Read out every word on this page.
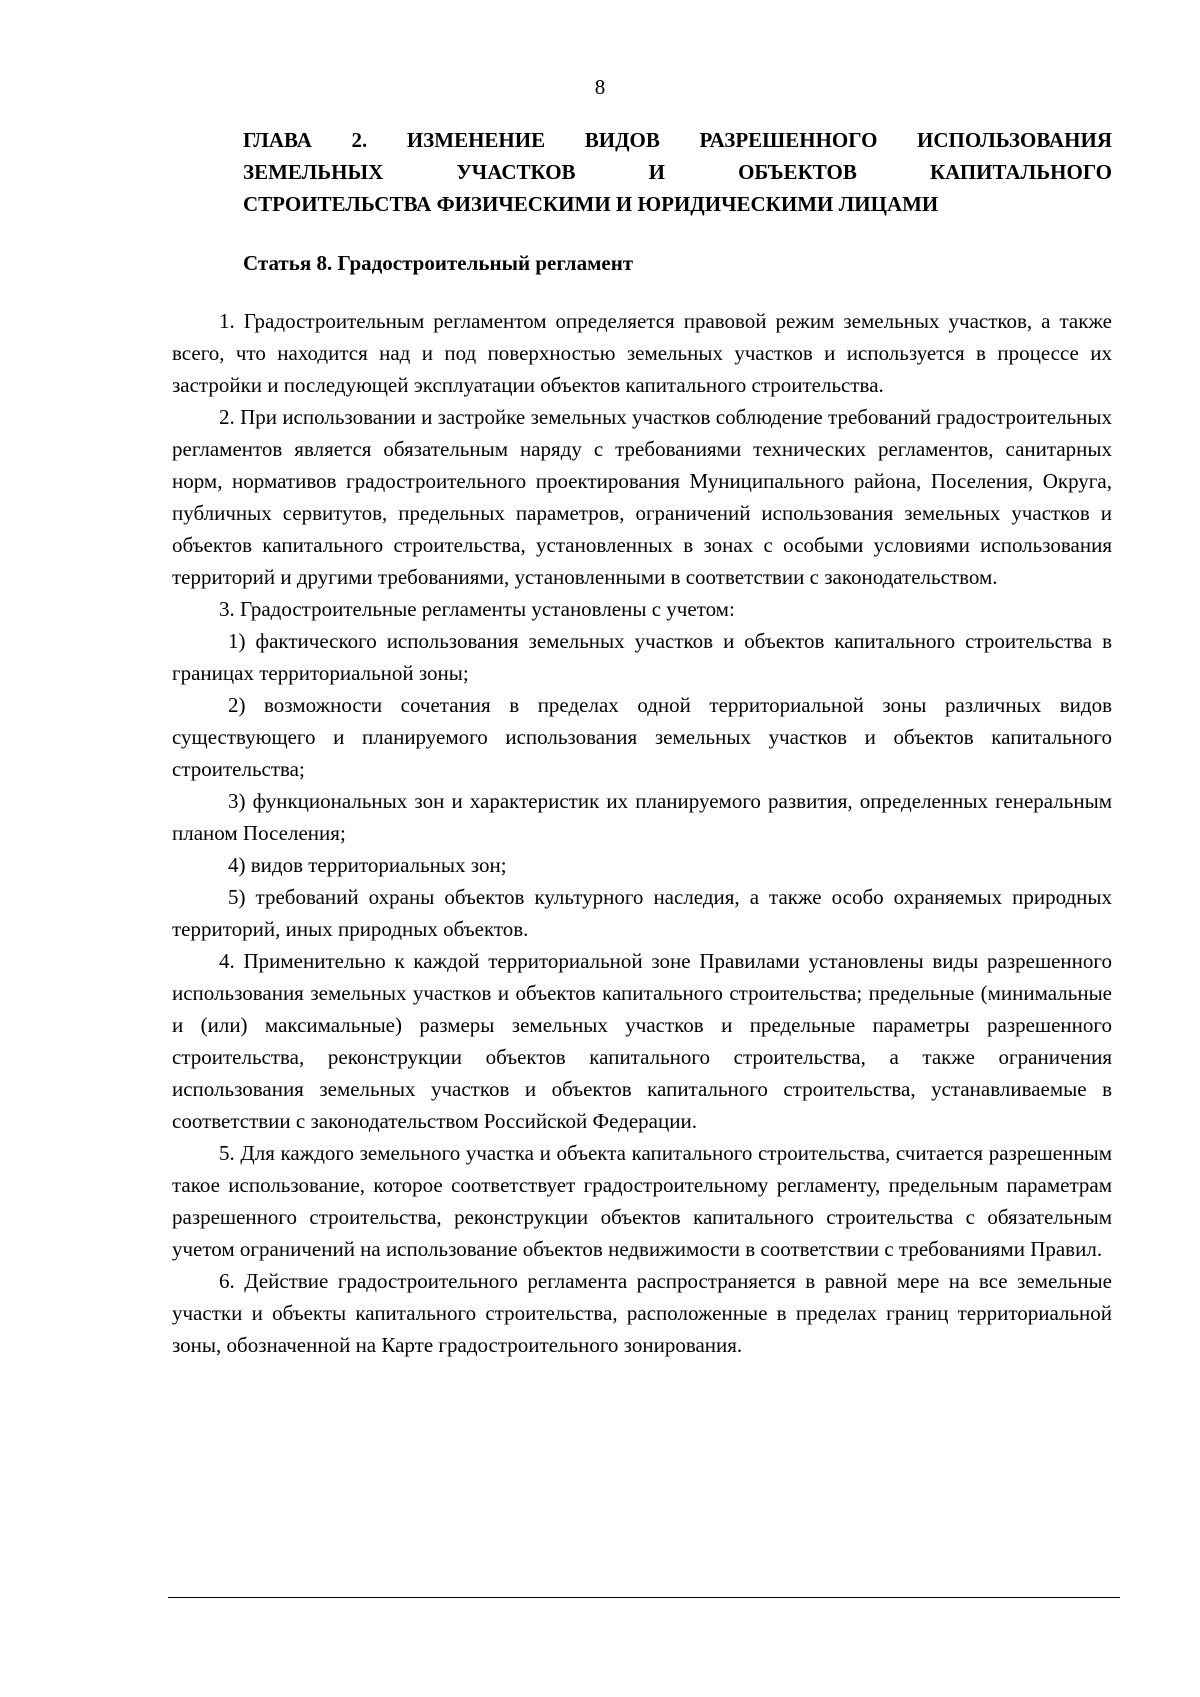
8
ГЛАВА 2. ИЗМЕНЕНИЕ ВИДОВ РАЗРЕШЕННОГО ИСПОЛЬЗОВАНИЯ
ЗЕМЕЛЬНЫХ УЧАСТКОВ И ОБЪЕКТОВ КАПИТАЛЬНОГО
СТРОИТЕЛЬСТВА ФИЗИЧЕСКИМИ И ЮРИДИЧЕСКИМИ ЛИЦАМИ
Статья 8. Градостроительный регламент

1. Градостроительным регламентом определяется правовой режим земельных участков, а также всего, что находится над и под поверхностью земельных участков и используется в процессе их застройки и последующей эксплуатации объектов капитального строительства.

2. При использовании и застройке земельных участков соблюдение требований градостроительных регламентов является обязательным наряду с требованиями технических регламентов, санитарных норм, нормативов градостроительного проектирования Муниципального района, Поселения, Округа, публичных сервитутов, предельных параметров, ограничений использования земельных участков и объектов капитального строительства, установленных в зонах с особыми условиями использования территорий и другими требованиями, установленными в соответствии с законодательством.

3. Градостроительные регламенты установлены с учетом:

1) фактического использования земельных участков и объектов капитального строительства в границах территориальной зоны;

2) возможности сочетания в пределах одной территориальной зоны различных видов существующего и планируемого использования земельных участков и объектов капитального строительства;

3) функциональных зон и характеристик их планируемого развития, определенных генеральным планом Поселения;

4) видов территориальных зон;

5) требований охраны объектов культурного наследия, а также особо охраняемых природных территорий, иных природных объектов.

4. Применительно к каждой территориальной зоне Правилами установлены виды разрешенного использования земельных участков и объектов капитального строительства; предельные (минимальные и (или) максимальные) размеры земельных участков и предельные параметры разрешенного строительства, реконструкции объектов капитального строительства, а также ограничения использования земельных участков и объектов капитального строительства, устанавливаемые в соответствии с законодательством Российской Федерации.

5. Для каждого земельного участка и объекта капитального строительства, считается разрешенным такое использование, которое соответствует градостроительному регламенту, предельным параметрам разрешенного строительства, реконструкции объектов капитального строительства с обязательным учетом ограничений на использование объектов недвижимости в соответствии с требованиями Правил.

6. Действие градостроительного регламента распространяется в равной мере на все земельные участки и объекты капитального строительства, расположенные в пределах границ территориальной зоны, обозначенной на Карте градостроительного зонирования.
